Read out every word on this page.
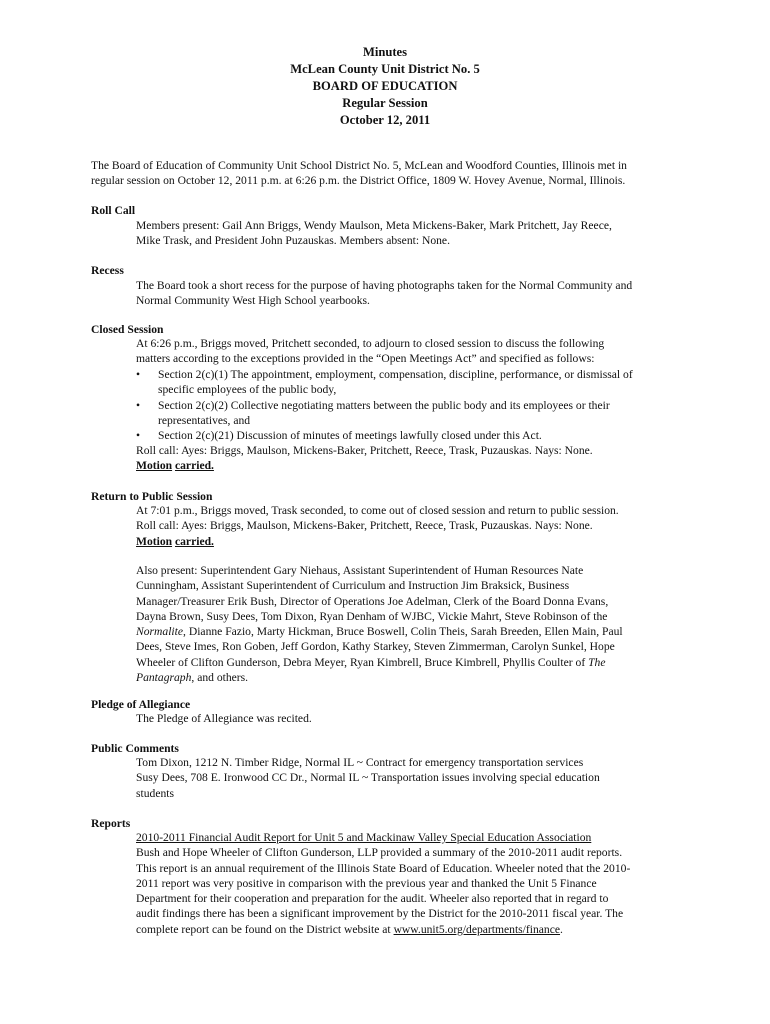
Minutes
McLean County Unit District No. 5
BOARD OF EDUCATION
Regular Session
October 12, 2011
The Board of Education of Community Unit School District No. 5, McLean and Woodford Counties, Illinois met in
regular session on October 12, 2011 p.m. at 6:26 p.m. the District Office, 1809 W. Hovey Avenue, Normal, Illinois.
Roll Call
Members present: Gail Ann Briggs, Wendy Maulson, Meta Mickens-Baker, Mark Pritchett, Jay Reece,
Mike Trask, and President John Puzauskas. Members absent: None.
Recess
The Board took a short recess for the purpose of having photographs taken for the Normal Community and
Normal Community West High School yearbooks.
Closed Session
At 6:26 p.m., Briggs moved, Pritchett seconded, to adjourn to closed session to discuss the following
matters according to the exceptions provided in the “Open Meetings Act” and specified as follows:
• Section 2(c)(1) The appointment, employment, compensation, discipline, performance, or dismissal of
specific employees of the public body,
• Section 2(c)(2) Collective negotiating matters between the public body and its employees or their
representatives, and
• Section 2(c)(21) Discussion of minutes of meetings lawfully closed under this Act.
Roll call: Ayes: Briggs, Maulson, Mickens-Baker, Pritchett, Reece, Trask, Puzauskas. Nays: None.
Motion carried.
Return to Public Session
At 7:01 p.m., Briggs moved, Trask seconded, to come out of closed session and return to public session.
Roll call: Ayes: Briggs, Maulson, Mickens-Baker, Pritchett, Reece, Trask, Puzauskas. Nays: None.
Motion carried.
Also present: Superintendent Gary Niehaus, Assistant Superintendent of Human Resources Nate
Cunningham, Assistant Superintendent of Curriculum and Instruction Jim Braksick, Business
Manager/Treasurer Erik Bush, Director of Operations Joe Adelman, Clerk of the Board Donna Evans,
Dayna Brown, Susy Dees, Tom Dixon, Ryan Denham of WJBC, Vickie Mahrt, Steve Robinson of the
Normalite, Dianne Fazio, Marty Hickman, Bruce Boswell, Colin Theis, Sarah Breeden, Ellen Main, Paul
Dees, Steve Imes, Ron Goben, Jeff Gordon, Kathy Starkey, Steven Zimmerman, Carolyn Sunkel, Hope
Wheeler of Clifton Gunderson, Debra Meyer, Ryan Kimbrell, Bruce Kimbrell, Phyllis Coulter of The
Pantagraph, and others.
Pledge of Allegiance
The Pledge of Allegiance was recited.
Public Comments
Tom Dixon, 1212 N. Timber Ridge, Normal IL ~ Contract for emergency transportation services
Susy Dees, 708 E. Ironwood CC Dr., Normal IL ~ Transportation issues involving special education
students
Reports
2010-2011 Financial Audit Report for Unit 5 and Mackinaw Valley Special Education Association
Bush and Hope Wheeler of Clifton Gunderson, LLP provided a summary of the 2010-2011 audit reports.
This report is an annual requirement of the Illinois State Board of Education. Wheeler noted that the 2010-
2011 report was very positive in comparison with the previous year and thanked the Unit 5 Finance
Department for their cooperation and preparation for the audit. Wheeler also reported that in regard to
audit findings there has been a significant improvement by the District for the 2010-2011 fiscal year. The
complete report can be found on the District website at www.unit5.org/departments/finance.
